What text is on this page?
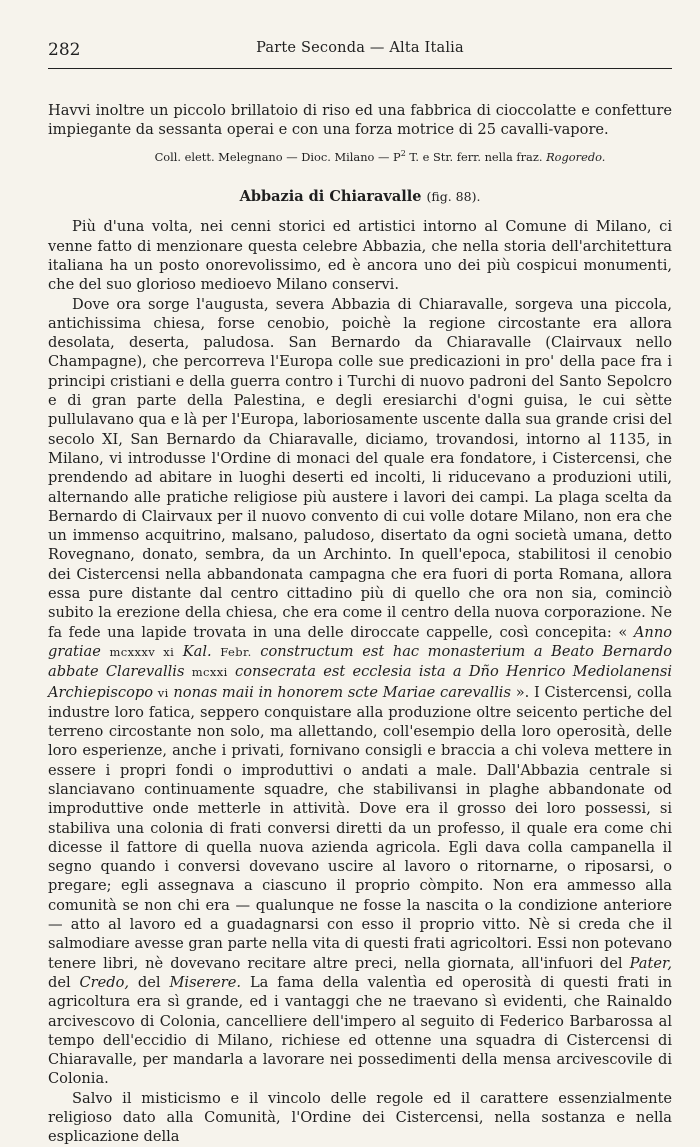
282	Parte Seconda — Alta Italia

Havvi inoltre un piccolo brillatoio di riso ed una fabbrica di cioccolatte e confetture impiegante da sessanta operai e con una forza motrice di 25 cavalli-vapore.

Coll. elett. Melegnano — Dioc. Milano — $P^2$ T. e Str. ferr. nella fraz. Rogoredo.

Abbazia di Chiaravalle (fig. 88).

Più d'una volta, nei cenni storici ed artistici intorno al Comune di Milano, ci venne fatto di menzionare questa celebre Abbazia, che nella storia dell'architettura italiana ha un posto onorevolissimo, ed è ancora uno dei più cospicui monumenti, che del suo glorioso medioevo Milano conservi.

Dove ora sorge l'augusta, severa Abbazia di Chiaravalle, sorgeva una piccola, antichissima chiesa, forse cenobio, poichè la regione circostante era allora desolata, deserta, paludosa. San Bernardo da Chiaravalle (Clairvaux nello Champagne), che percorreva l'Europa colle sue predicazioni in pro' della pace fra i principi cristiani e della guerra contro i Turchi di nuovo padroni del Santo Sepolcro e di gran parte della Palestina, e degli eresiarchi d'ogni guisa, le cui sètte pullulavano qua e là per l'Europa, laboriosamente uscente dalla sua grande crisi del secolo XI, San Bernardo da Chiaravalle, diciamo, trovandosi, intorno al 1135, in Milano, vi introdusse l'Ordine di monaci del quale era fondatore, i Cistercensi, che prendendo ad abitare in luoghi deserti ed incolti, li riducevano a produzioni utili, alternando alle pratiche religiose più austere i lavori dei campi. La plaga scelta da Bernardo di Clairvaux per il nuovo convento di cui volle dotare Milano, non era che un immenso acquitrino, malsano, paludoso, disertato da ogni società umana, detto Rovegnano, donato, sembra, da un Archinto. In quell'epoca, stabilitosi il cenobio dei Cistercensi nella abbandonata campagna che era fuori di porta Romana, allora essa pure distante dal centro cittadino più di quello che ora non sia, cominciò subito la erezione della chiesa, che era come il centro della nuova corporazione. Ne fa fede una lapide trovata in una delle diroccate cappelle, così concepita: « Anno gratiae mcxxxv xi Kal. Febr. constructum est hac monasterium a Beato Bernardo abbate Clarevallis mcxxi consecrata est ecclesia ista a Dño Henrico Mediolanensi Archiepiscopo vi nonas maii in honorem scte Mariae carevallis ». I Cistercensi, colla industre loro fatica, seppero conquistare alla produzione oltre seicento pertiche del terreno circostante non solo, ma allettando, coll'esempio della loro operosità, delle loro esperienze, anche i privati, fornivano consigli e braccia a chi voleva mettere in essere i propri fondi o improduttivi o andati a male. Dall'Abbazia centrale si slanciavano continuamente squadre, che stabilivansi in plaghe abbandonate od improduttive onde metterle in attività. Dove era il grosso dei loro possessi, si stabiliva una colonia di frati conversi diretti da un professo, il quale era come chi dicesse il fattore di quella nuova azienda agricola. Egli dava colla campanella il segno quando i conversi dovevano uscire al lavoro o ritornarne, o riposarsi, o pregare; egli assegnava a ciascuno il proprio còmpito. Non era ammesso alla comunità se non chi era — qualunque ne fosse la nascita o la condizione anteriore — atto al lavoro ed a guadagnarsi con esso il proprio vitto. Nè si creda che il salmodiare avesse gran parte nella vita di questi frati agricoltori. Essi non potevano tenere libri, nè dovevano recitare altre preci, nella giornata, all'infuori del Pater, del Credo, del Miserere. La fama della valentìa ed operosità di questi frati in agricoltura era sì grande, ed i vantaggi che ne traevano sì evidenti, che Rainaldo arcivescovo di Colonia, cancelliere dell'impero al seguito di Federico Barbarossa al tempo dell'eccidio di Milano, richiese ed ottenne una squadra di Cistercensi di Chiaravalle, per mandarla a lavorare nei possedimenti della mensa arcivescovile di Colonia.

Salvo il misticismo e il vincolo delle regole ed il carattere essenzialmente religioso dato alla Comunità, l'Ordine dei Cistercensi, nella sostanza e nella esplicazione della
